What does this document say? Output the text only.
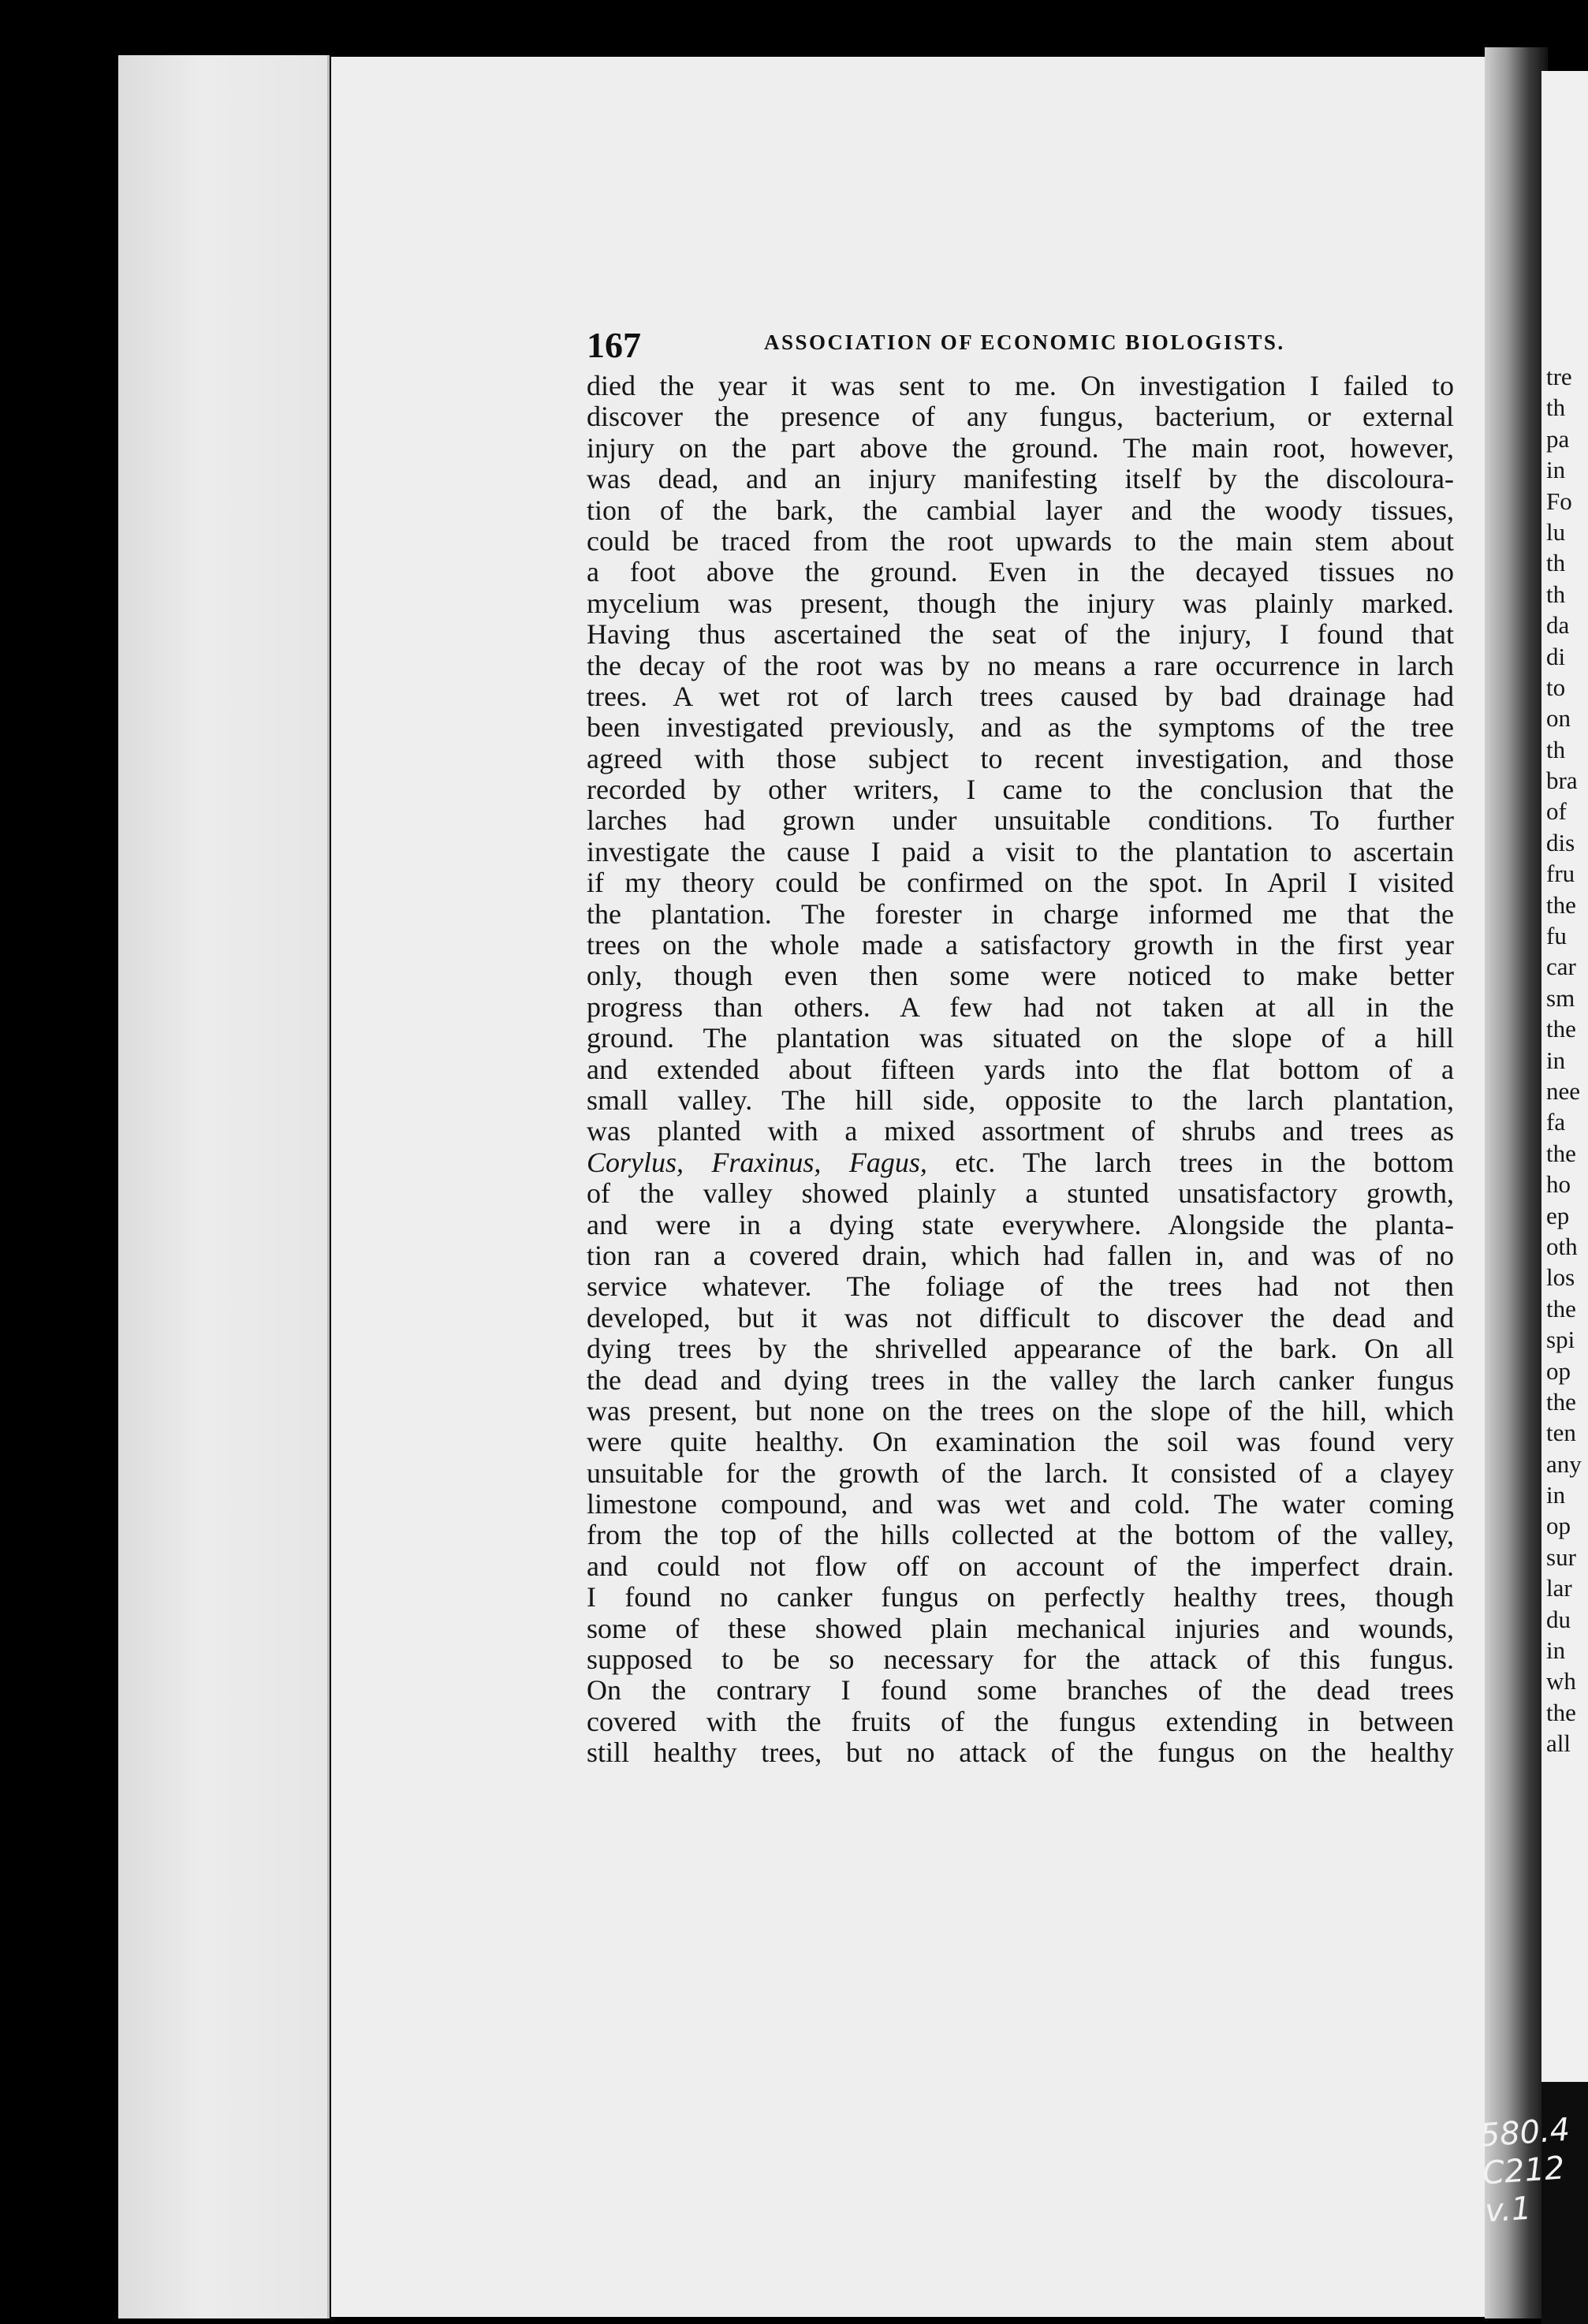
tre
th
pa
in
Fo
lu
th
th
da
di
to
on
th
bra
of
dis
fru
the
fu
car
sm
the
in
nee
fa
the
ho
ep
oth
los
the
spi
op
the
ten
any
in
op
sur
lar
du
in
wh
the
all
580.4
C212
v.1
167	ASSOCIATION OF ECONOMIC BIOLOGISTS.
died the year it was sent to me. On investigation I failed to
discover the presence of any fungus, bacterium, or external
injury on the part above the ground. The main root, however,
was dead, and an injury manifesting itself by the discoloura-
tion of the bark, the cambial layer and the woody tissues,
could be traced from the root upwards to the main stem about
a foot above the ground. Even in the decayed tissues no
mycelium was present, though the injury was plainly marked.
Having thus ascertained the seat of the injury, I found that
the decay of the root was by no means a rare occurrence in larch
trees. A wet rot of larch trees caused by bad drainage had
been investigated previously, and as the symptoms of the tree
agreed with those subject to recent investigation, and those
recorded by other writers, I came to the conclusion that the
larches had grown under unsuitable conditions. To further
investigate the cause I paid a visit to the plantation to ascertain
if my theory could be confirmed on the spot. In April I visited
the plantation. The forester in charge informed me that the
trees on the whole made a satisfactory growth in the first year
only, though even then some were noticed to make better
progress than others. A few had not taken at all in the
ground. The plantation was situated on the slope of a hill
and extended about fifteen yards into the flat bottom of a
small valley. The hill side, opposite to the larch plantation,
was planted with a mixed assortment of shrubs and trees as
Corylus, Fraxinus, Fagus, etc. The larch trees in the bottom
of the valley showed plainly a stunted unsatisfactory growth,
and were in a dying state everywhere. Alongside the planta-
tion ran a covered drain, which had fallen in, and was of no
service whatever. The foliage of the trees had not then
developed, but it was not difficult to discover the dead and
dying trees by the shrivelled appearance of the bark. On all
the dead and dying trees in the valley the larch canker fungus
was present, but none on the trees on the slope of the hill, which
were quite healthy. On examination the soil was found very
unsuitable for the growth of the larch. It consisted of a clayey
limestone compound, and was wet and cold. The water coming
from the top of the hills collected at the bottom of the valley,
and could not flow off on account of the imperfect drain.
I found no canker fungus on perfectly healthy trees, though
some of these showed plain mechanical injuries and wounds,
supposed to be so necessary for the attack of this fungus.
On the contrary I found some branches of the dead trees
covered with the fruits of the fungus extending in between
still healthy trees, but no attack of the fungus on the healthy
